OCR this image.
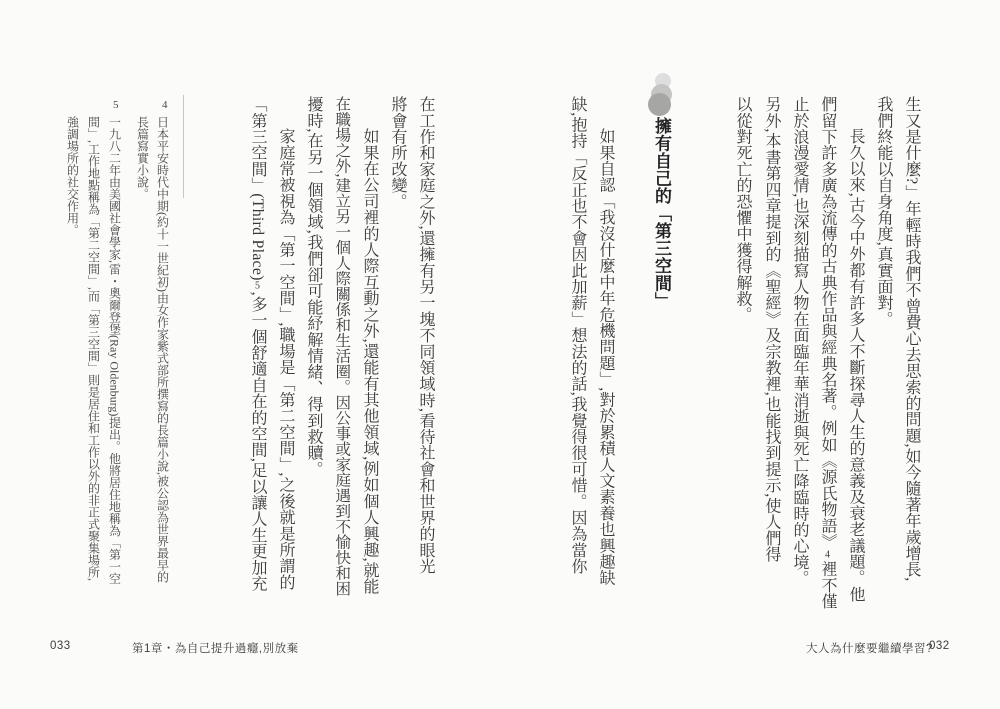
生又是什麼?」年輕時我們不曾費心去思索的問題,如今隨著年歲增長,
我們終能以自身角度,真實面對。
長久以來,古今中外都有許多人不斷探尋人生的意義及衰老議題。他
們留下許多廣為流傳的古典作品與經典名著。例如《源氏物語》4裡不僅
止於浪漫愛情,也深刻描寫人物在面臨年華消逝與死亡降臨時的心境。
另外,本書第四章提到的《聖經》及宗教裡,也能找到提示,使人們得
以從對死亡的恐懼中獲得解救。
擁有自己的「第三空間」
如果自認「我沒什麼中年危機問題」,對於累積人文素養也興趣缺
缺,抱持「反正也不會因此加薪」想法的話,我覺得很可惜。因為當你
大人為什麼要繼續學習?
032
在工作和家庭之外,還擁有另一塊不同領域時,看待社會和世界的眼光
將會有所改變。
如果在公司裡的人際互動之外,還能有其他領域,例如個人興趣,就能
在職場之外,建立另一個人際關係和生活圈。因公事或家庭遇到不愉快和困
擾時,在另一個領域,我們卻可能紓解情緒、得到救贖。
家庭常被視為「第一空間」,職場是「第二空間」,之後就是所謂的
「第三空間」(Third Place)5,多一個舒適自在的空間,足以讓人生更加充
4
日本平安時代中期(約十一世紀初)由女作家紫式部所撰寫的長篇小說,被公認為世界最早的
長篇寫實小說。
5
一九八二年由美國社會學家,雷・奧爾登堡(Ray Oldenburg)提出。他將居住地稱為「第一空
間」,工作地點稱為「第二空間」,而「第三空間」則是居住和工作以外的非正式聚集場所,
強調場所的社交作用。
033	第1章・為自己提升過癮,別放棄
